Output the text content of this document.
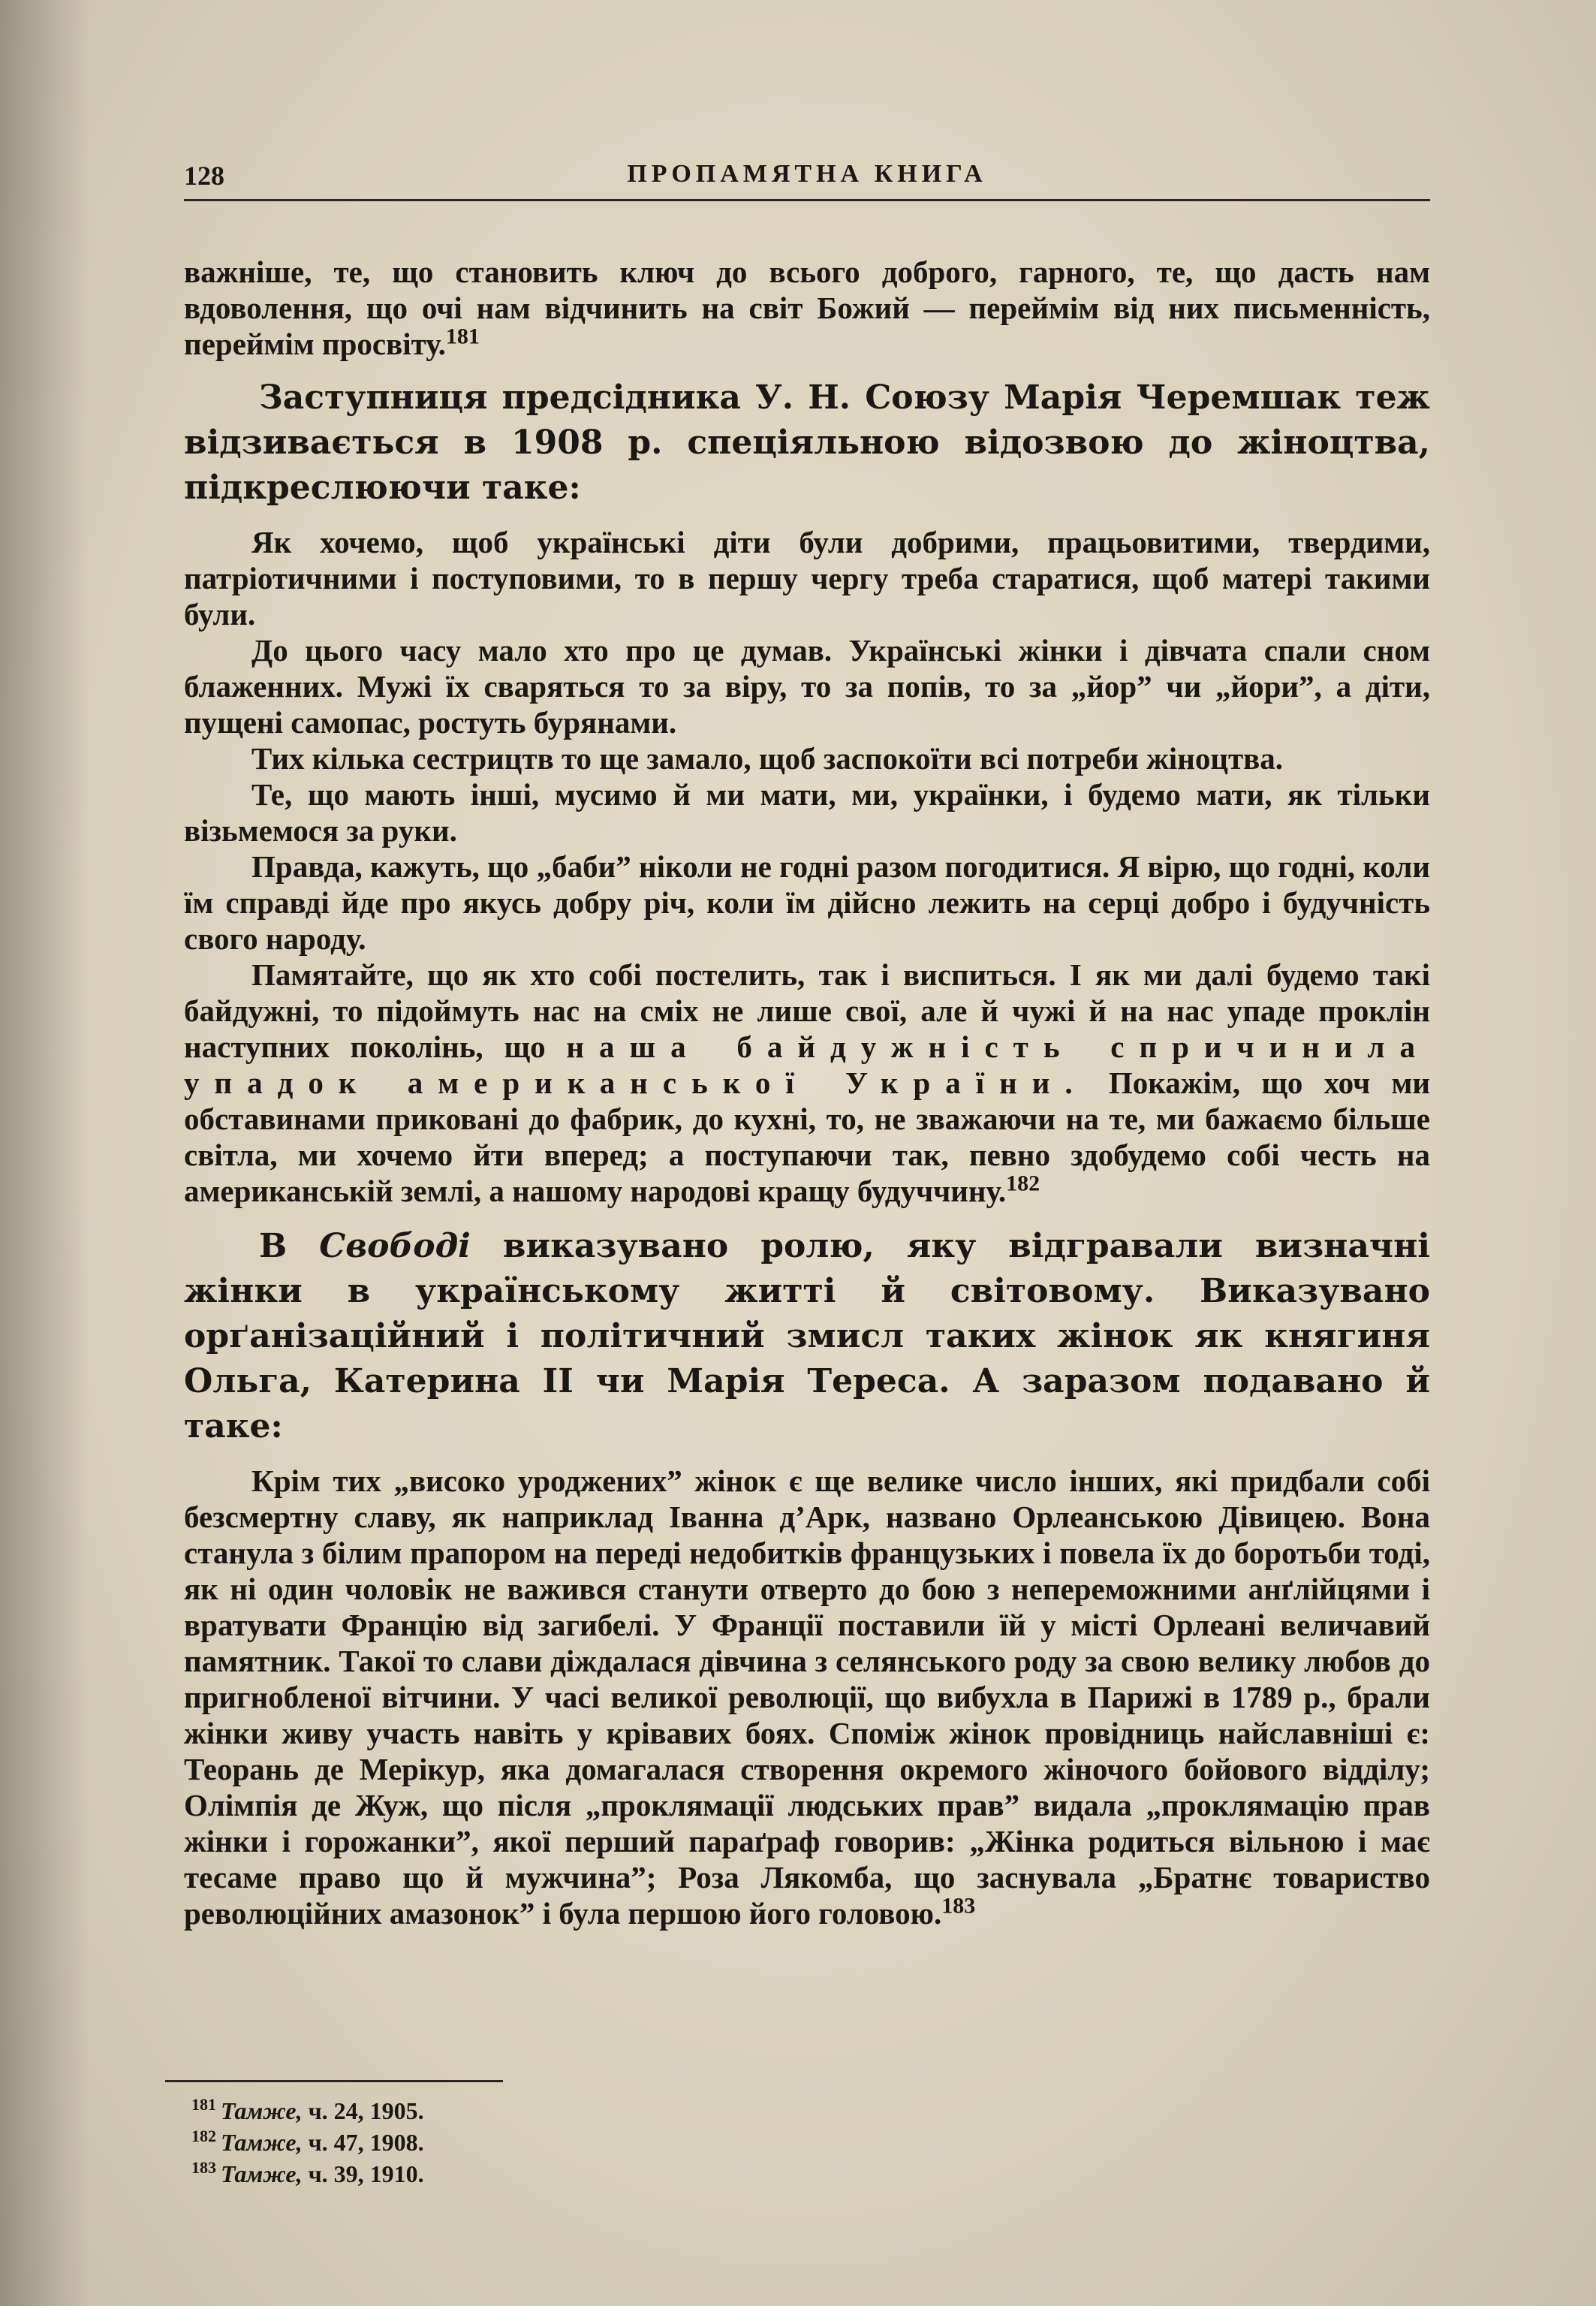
128	ПРОПАМЯТНА КНИГА

важніше, те, що становить ключ до всього доброго, гарного, те, що дасть нам вдоволення, що очі нам відчинить на світ Божий — переймім від них письменність, переймім просвіту.$^{181}$

Заступниця предсідника У. Н. Союзу Марія Черемшак теж відзивається в 1908 р. спеціяльною відозвою до жіноцтва, підкреслюючи таке:

Як хочемо, щоб українські діти були добрими, працьовитими, твердими, патріотичними і поступовими, то в першу чергу треба старатися, щоб матері такими були.

До цього часу мало хто про це думав. Українські жінки і дівчата спали сном блаженних. Мужі їх сваряться то за віру, то за попів, то за „йор” чи „йори”, а діти, пущені самопас, ростуть бурянами.

Тих кілька сестрицтв то ще замало, щоб заспокоїти всі потреби жіноцтва.

Те, що мають інші, мусимо й ми мати, ми, українки, і будемо мати, як тільки візьмемося за руки.

Правда, кажуть, що „баби” ніколи не годні разом погодитися. Я вірю, що годні, коли їм справді йде про якусь добру річ, коли їм дійсно лежить на серці добро і будучність свого народу.

Памятайте, що як хто собі постелить, так і виспиться. І як ми далі будемо такі байдужні, то підоймуть нас на сміх не лише свої, але й чужі й на нас упаде проклін наступних поколінь, що наша байдужність спричинила упадок американської України. Покажім, що хоч ми обставинами приковані до фабрик, до кухні, то, не зважаючи на те, ми бажаємо більше світла, ми хочемо йти вперед; а поступаючи так, певно здобудемо собі честь на американській землі, а нашому народові кращу будуччину.$^{182}$

В Свободі виказувано ролю, яку відгравали визначні жінки в українському житті й світовому. Виказувано орґанізаційний і політичний змисл таких жінок як княгиня Ольга, Катерина II чи Марія Тереса. А заразом подавано й таке:

Крім тих „високо уроджених” жінок є ще велике число інших, які придбали собі безсмертну славу, як наприклад Іванна д’Арк, названо Орлеанською Дівицею. Вона станула з білим прапором на переді недобитків французьких і повела їх до боротьби тоді, як ні один чоловік не важився станути отверто до бою з непереможними анґлійцями і вратувати Францію від загибелі. У Франції поставили їй у місті Орлеані величавий памятник. Такої то слави діждалася дівчина з селянського роду за свою велику любов до пригнобленої вітчини. У часі великої революції, що вибухла в Парижі в 1789 р., брали жінки живу участь навіть у крівавих боях. Споміж жінок провідниць найславніші є: Теорань де Мерікур, яка домагалася створення окремого жіночого бойового відділу; Олімпія де Жуж, що після „проклямації людських прав” видала „проклямацію прав жінки і горожанки”, якої перший параґраф говорив: „Жінка родиться вільною і має тесаме право що й мужчина”; Роза Лякомба, що заснувала „Братнє товариство революційних амазонок” і була першою його головою.$^{183}$

$^{181}$ Тамже, ч. 24, 1905.
$^{182}$ Тамже, ч. 47, 1908.
$^{183}$ Тамже, ч. 39, 1910.
